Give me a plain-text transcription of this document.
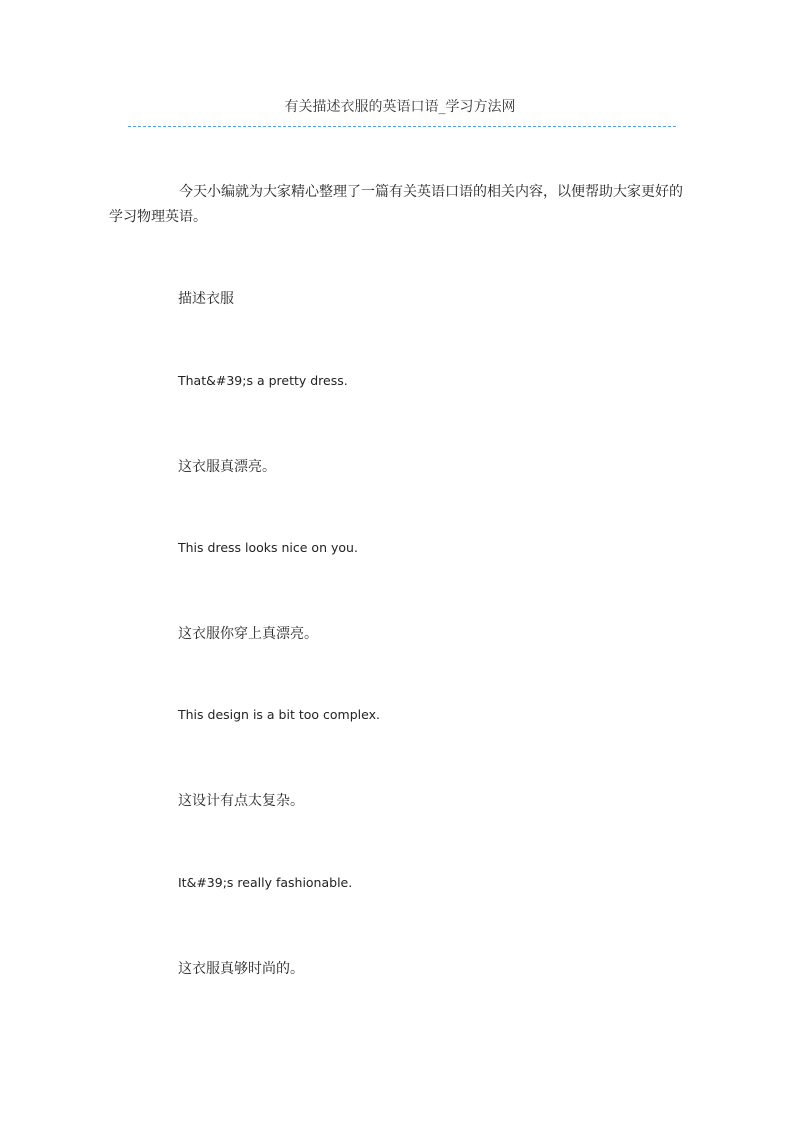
有关描述衣服的英语口语_学习方法网
今天小编就为大家精心整理了一篇有关英语口语的相关内容，以便帮助大家更好的学习物理英语。
描述衣服
That&#39;s a pretty dress.
这衣服真漂亮。
This dress looks nice on you.
这衣服你穿上真漂亮。
This design is a bit too complex.
这设计有点太复杂。
It&#39;s really fashionable.
这衣服真够时尚的。
